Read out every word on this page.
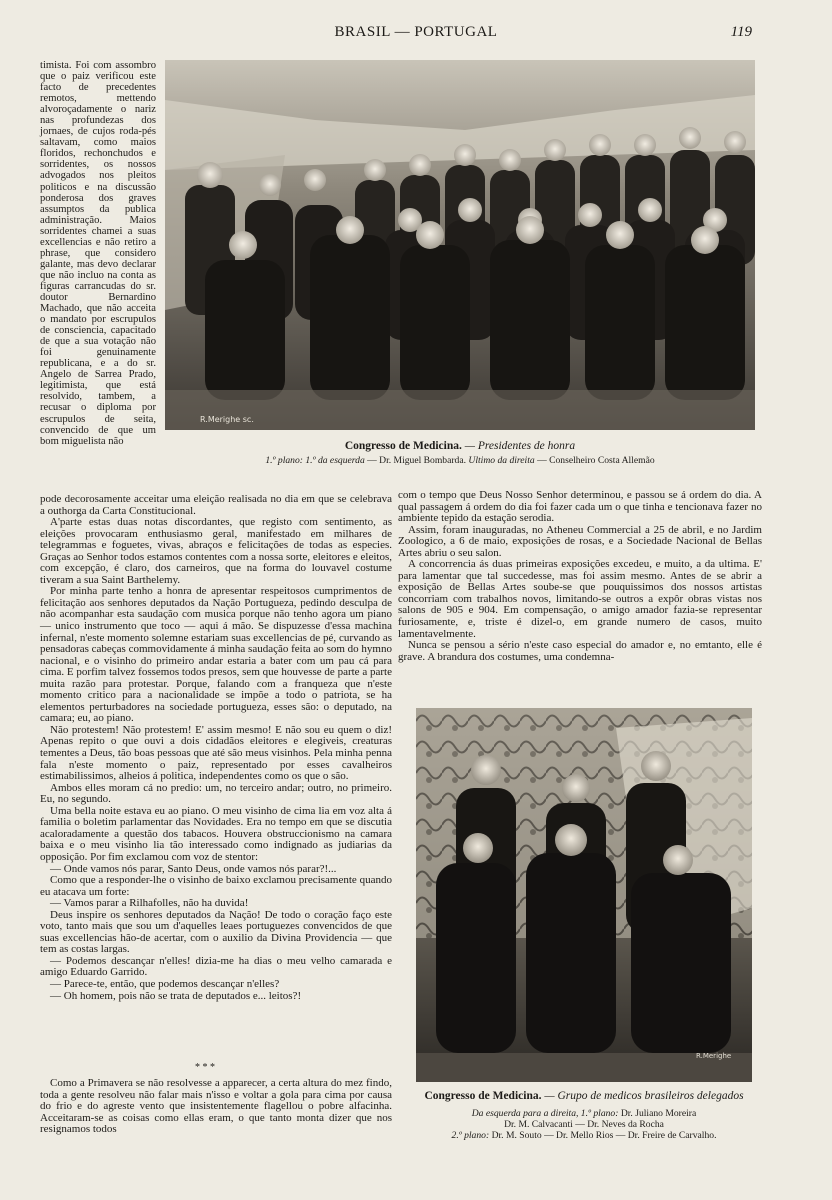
BRASIL — PORTUGAL	119

timista. Foi com assombro que o paiz verificou este facto de precedentes remotos, mettendo alvoroçadamente o nariz nas profundezas dos jornaes, de cujos roda-pés saltavam, como maios floridos, rechonchudos e sorridentes, os nossos advogados nos pleitos politicos e na discussão ponderosa dos graves assumptos da publica administração. Maios sorridentes chamei a suas excellencias e não retiro a phrase, que considero galante, mas devo declarar que não incluo na conta as figuras carrancudas do sr. doutor Bernardino Machado, que não acceita o mandato por escrupulos de consciencia, capacitado de que a sua votação não foi genuinamente republicana, e a do sr. Angelo de Sarrea Prado, legitimista, que está resolvido, tambem, a recusar o diploma por escrupulos de seita, convencido de que um bom miguelista não

R.Merighe sc.
Congresso de Medicina. — Presidentes de honra
1.º plano: 1.º da esquerda — Dr. Miguel Bombarda. Ultimo da direita — Conselheiro Costa Allemão

pode decorosamente acceitar uma eleição realisada no dia em que se celebrava a outhorga da Carta Constitucional.

A'parte estas duas notas discordantes, que registo com sentimento, as eleições provocaram enthusiasmo geral, manifestado em milhares de telegrammas e foguetes, vivas, abraços e felicitações de todas as especies. Graças ao Senhor todos estamos contentes com a nossa sorte, eleitores e eleitos, com excepção, é claro, dos carneiros, que na forma do louvavel costume tiveram a sua Saint Barthelemy.

Por minha parte tenho a honra de apresentar respeitosos cumprimentos de felicitação aos senhores deputados da Nação Portugueza, pedindo desculpa de não acompanhar esta saudação com musica porque não tenho agora um piano — unico instrumento que toco — aqui á mão. Se dispuzesse d'essa machina infernal, n'este momento solemne estariam suas excellencias de pé, curvando as pensadoras cabeças commovidamente á minha saudação feita ao som do hymno nacional, e o visinho do primeiro andar estaria a bater com um pau cá para cima. E porfim talvez fossemos todos presos, sem que houvesse de parte a parte muita razão para protestar. Porque, falando com a franqueza que n'este momento critico para a nacionalidade se impõe a todo o patriota, se ha elementos perturbadores na sociedade portugueza, esses são: o deputado, na camara; eu, ao piano.

Não protestem! Não protestem! E' assim mesmo! E não sou eu quem o diz! Apenas repito o que ouvi a dois cidadãos eleitores e elegiveis, creaturas tementes a Deus, tão boas pessoas que até são meus visinhos. Pela minha penna fala n'este momento o paiz, representado por esses cavalheiros estimabilissimos, alheios á politica, independentes como os que o são.

Ambos elles moram cá no predio: um, no terceiro andar; outro, no primeiro. Eu, no segundo.

Uma bella noite estava eu ao piano. O meu visinho de cima lia em voz alta á familia o boletim parlamentar das Novidades. Era no tempo em que se discutia acaloradamente a questão dos tabacos. Houvera obstruccionismo na camara baixa e o meu visinho lia tão interessado como indignado as judiarias da opposição. Por fim exclamou com voz de stentor:

— Onde vamos nós parar, Santo Deus, onde vamos nós parar?!...

Como que a responder-lhe o visinho de baixo exclamou precisamente quando eu atacava um forte:

— Vamos parar a Rilhafolles, não ha duvida!

Deus inspire os senhores deputados da Nação! De todo o coração faço este voto, tanto mais que sou um d'aquelles leaes portuguezes convencidos de que suas excellencias hão-de acertar, com o auxilio da Divina Providencia — que tem as costas largas.

— Podemos descançar n'elles! dizia-me ha dias o meu velho camarada e amigo Eduardo Garrido.

— Parece-te, então, que podemos descançar n'elles?

— Oh homem, pois não se trata de deputados e... leitos?!

* * *

Como a Primavera se não resolvesse a apparecer, a certa altura do mez findo, toda a gente resolveu não falar mais n'isso e voltar a gola para cima por causa do frio e do agreste vento que insistentemente flagellou o pobre alfacinha. Acceitaram-se as coisas como ellas eram, o que tanto monta dizer que nos resignamos todos

com o tempo que Deus Nosso Senhor determinou, e passou se á ordem do dia. A qual passagem á ordem do dia foi fazer cada um o que tinha e tencionava fazer no ambiente tepido da estação serodia.

Assim, foram inauguradas, no Atheneu Commercial a 25 de abril, e no Jardim Zoologico, a 6 de maio, exposições de rosas, e a Sociedade Nacional de Bellas Artes abriu o seu salon.

A concorrencia ás duas primeiras exposições excedeu, e muito, a da ultima. E' para lamentar que tal succedesse, mas foi assim mesmo. Antes de se abrir a exposição de Bellas Artes soube-se que pouquissimos dos nossos artistas concorriam com trabalhos novos, limitando-se outros a expôr obras vistas nos salons de 905 e 904. Em compensação, o amigo amador fazia-se representar furiosamente, e, triste é dizel-o, em grande numero de casos, muito lamentavelmente.

Nunca se pensou a sério n'este caso especial do amador e, no emtanto, elle é grave. A brandura dos costumes, uma condemna-

R.Merighe
Congresso de Medicina. — Grupo de medicos brasileiros delegados
Da esquerda para a direita, 1.º plano: Dr. Juliano Moreira
Dr. M. Calvacanti — Dr. Neves da Rocha
2.º plano: Dr. M. Souto — Dr. Mello Rios — Dr. Freire de Carvalho.
